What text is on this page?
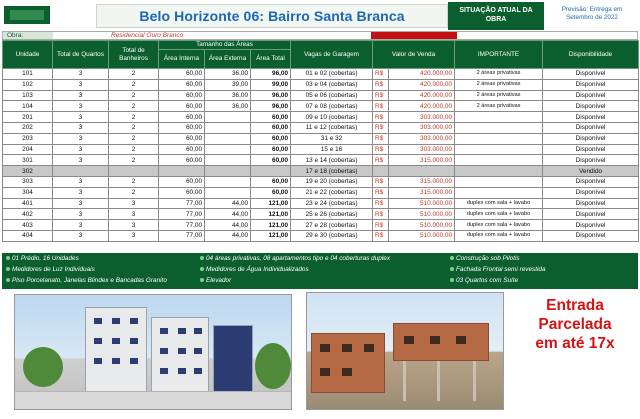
Belo Horizonte 06: Bairro Santa Branca	SITUAÇÃO ATUAL DA
OBRA
Previsão: Entrega em
Setembro de 2022
Obra:	Residencial Ouro Branco
Unidade	Total de Quartos	Total de Banheiros	Tamanho das Áreas			Vagas de Garagem	Valor de Venda		IMPORTANTE	Disponibilidade
			Área Interna	Área Externa	Área Total					
101	3	2	60,00	36,00	96,00	01 e 02 (cobertas)	R$	420.000,00	2 áreas privativas	Disponível
102	3	2	60,00	39,00	99,00	03 e 04 (cobertas)	R$	420.000,00	2 áreas privativas	Disponível
103	3	2	60,00	36,00	96,00	05 e 06 (cobertas)	R$	420.000,00	2 áreas privativas	Disponível
104	3	2	60,00	36,00	96,00	07 e 08 (cobertas)	R$	420.000,00	2 áreas privativas	Disponível
201	3	2	60,00		60,00	09 e 10 (cobertas)	R$	303.000,00		Disponível
202	3	2	60,00		60,00	11 e 12 (cobertas)	R$	303.000,00		Disponível
203	3	2	60,00		60,00	31 e 32	R$	303.000,00		Disponível
204	3	2	60,00		60,00	15 e 16	R$	303.000,00		Disponível
301	3	2	60,00		60,00	13 e 14 (cobertas)	R$	315.000,00		Disponível
302						17 e 18 (cobertas)				Vendido
303	3	2	60,00		60,00	19 e 20 (cobertas)	R$	315.000,00		Disponível
304	3	2	60,00		60,00	21 e 22 (cobertas)	R$	315.000,00		Disponível
401	3	3	77,00	44,00	121,00	23 e 24 (cobertas)	R$	510.000,00	duplex com sala + lavabo	Disponível
402	3	3	77,00	44,00	121,00	25 e 26 (cobertas)	R$	510.000,00	duplex com sala + lavabo	Disponível
403	3	3	77,00	44,00	121,00	27 e 28 (cobertas)	R$	510.000,00	duplex com sala + lavabo	Disponível
404	3	3	77,00	44,00	121,00	29 e 30 (cobertas)	R$	510.000,00	duplex com sala + lavabo	Disponível
01 Prédio, 16 Unidades
Medidores de Luz Individuais
Piso Porcelanato, Janelas Blindex e Bancadas Granito
04 áreas privativas, 08 apartamentos tipo e 04 coberturas duplex
Medidores de Água Individualizados
Elevador
Construção sob Pilotis
Fachada Frontal semi revestida
03 Quartos com Suíte
Entrada
Parcelada
em até 17x
